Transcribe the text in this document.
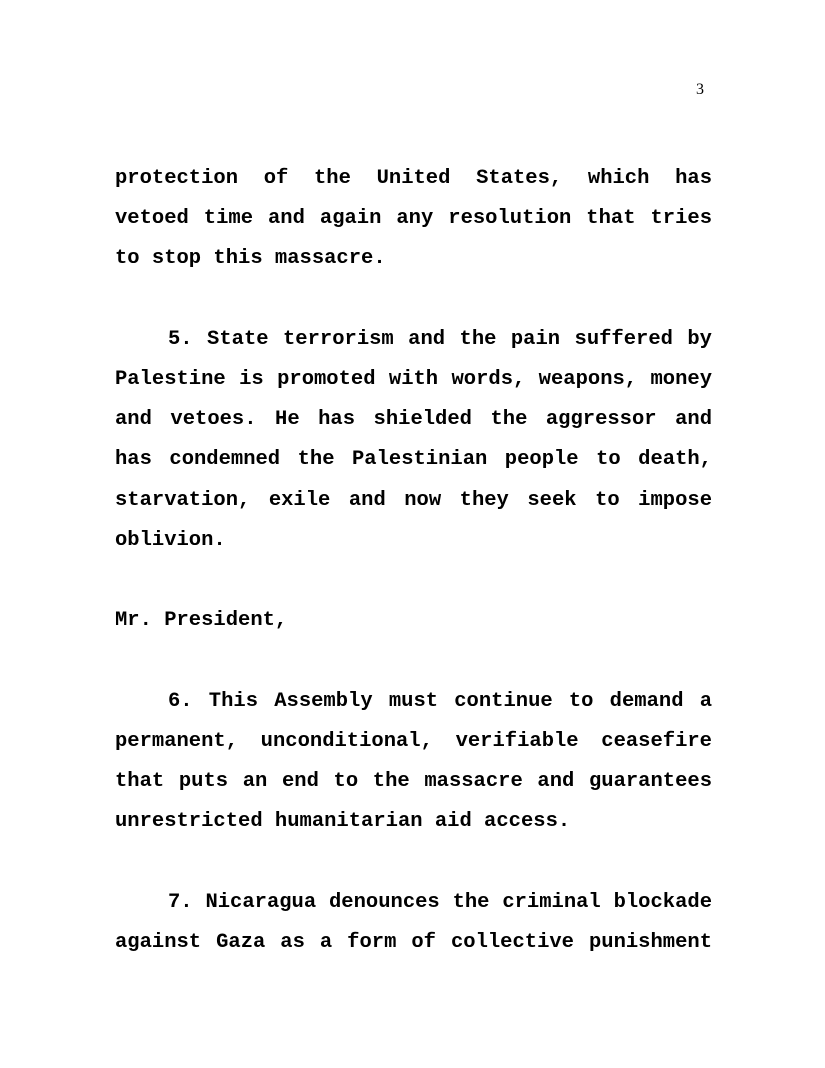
3

protection of the United States, which has vetoed time and again any resolution that tries to stop this massacre.

5. State terrorism and the pain suffered by Palestine is promoted with words, weapons, money and vetoes. He has shielded the aggressor and has condemned the Palestinian people to death, starvation, exile and now they seek to impose oblivion.

Mr. President,

6. This Assembly must continue to demand a permanent, unconditional, verifiable ceasefire that puts an end to the massacre and guarantees unrestricted humanitarian aid access.

7. Nicaragua denounces the criminal blockade against Gaza as a form of collective punishment
